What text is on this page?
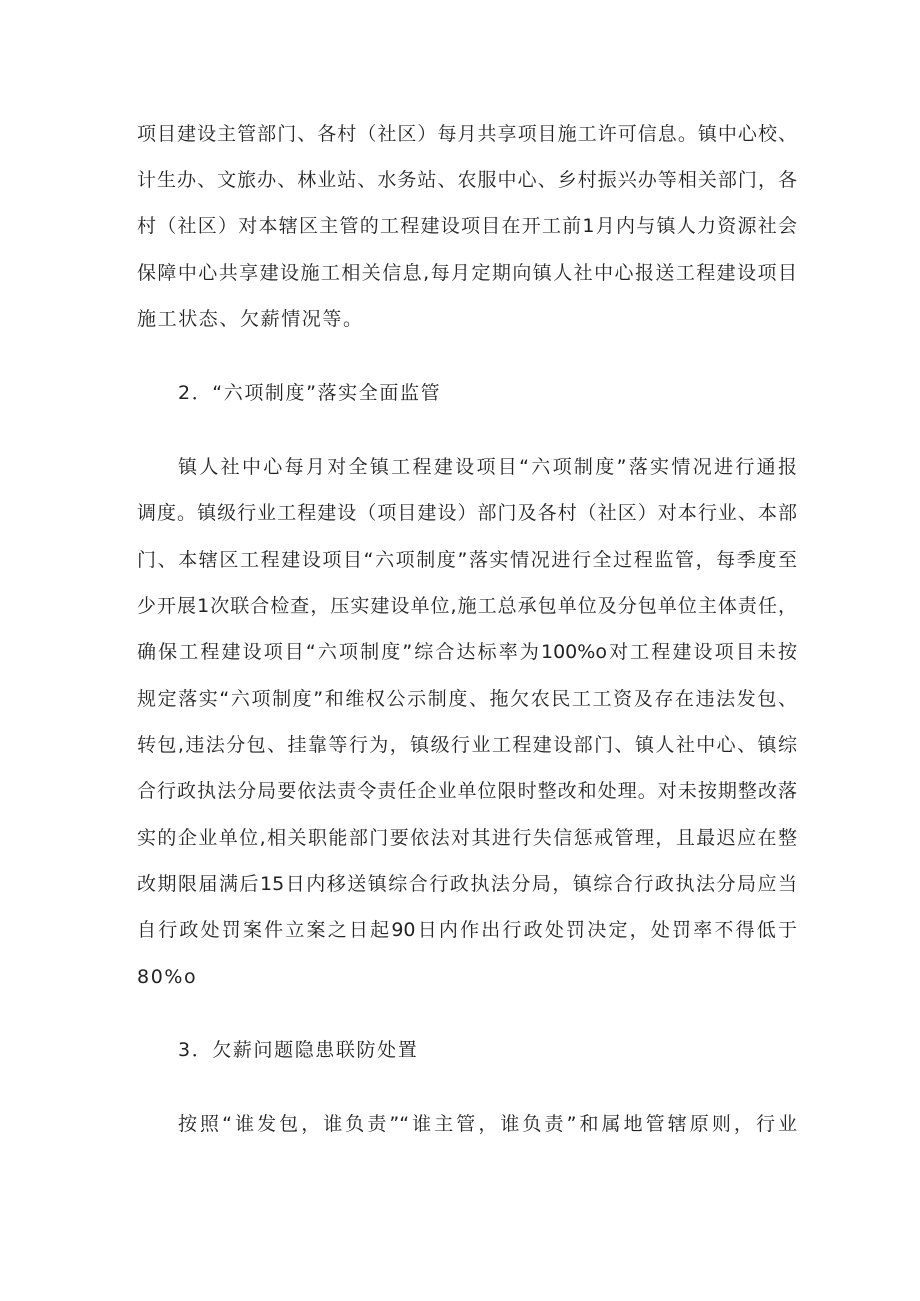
项目建设主管部门、各村（社区）每月共享项目施工许可信息。镇中心校、
计生办、文旅办、林业站、水务站、农服中心、乡村振兴办等相关部门，各
村（社区）对本辖区主管的工程建设项目在开工前1月内与镇人力资源社会
保障中心共享建设施工相关信息,每月定期向镇人社中心报送工程建设项目
施工状态、欠薪情况等。
2．“六项制度”落实全面监管
镇人社中心每月对全镇工程建设项目“六项制度”落实情况进行通报
调度。镇级行业工程建设（项目建设）部门及各村（社区）对本行业、本部
门、本辖区工程建设项目“六项制度”落实情况进行全过程监管，每季度至
少开展1次联合检查，压实建设单位,施工总承包单位及分包单位主体责任，
确保工程建设项目“六项制度”综合达标率为100%o对工程建设项目未按
规定落实“六项制度”和维权公示制度、拖欠农民工工资及存在违法发包、
转包,违法分包、挂靠等行为，镇级行业工程建设部门、镇人社中心、镇综
合行政执法分局要依法责令责任企业单位限时整改和处理。对未按期整改落
实的企业单位,相关职能部门要依法对其进行失信惩戒管理，且最迟应在整
改期限届满后15日内移送镇综合行政执法分局，镇综合行政执法分局应当
自行政处罚案件立案之日起90日内作出行政处罚决定，处罚率不得低于
80%o
3．欠薪问题隐患联防处置
按照“谁发包，谁负责”“谁主管，谁负责”和属地管辖原则，行业
